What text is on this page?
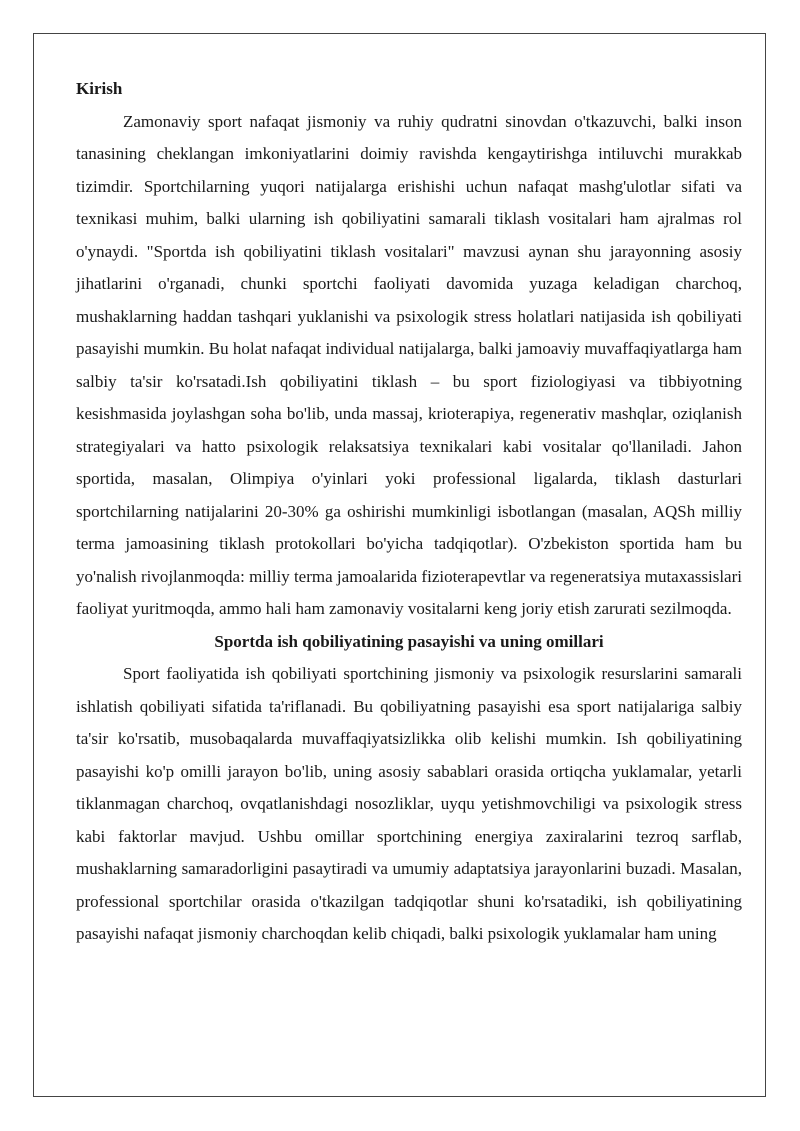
Kirish

Zamonaviy sport nafaqat jismoniy va ruhiy qudratni sinovdan o'tkazuvchi, balki inson tanasining cheklangan imkoniyatlarini doimiy ravishda kengaytirishga intiluvchi murakkab tizimdir. Sportchilarning yuqori natijalarga erishishi uchun nafaqat mashg'ulotlar sifati va texnikasi muhim, balki ularning ish qobiliyatini samarali tiklash vositalari ham ajralmas rol o'ynaydi. "Sportda ish qobiliyatini tiklash vositalari" mavzusi aynan shu jarayonning asosiy jihatlarini o'rganadi, chunki sportchi faoliyati davomida yuzaga keladigan charchoq, mushaklarning haddan tashqari yuklanishi va psixologik stress holatlari natijasida ish qobiliyati pasayishi mumkin. Bu holat nafaqat individual natijalarga, balki jamoaviy muvaffaqiyatlarga ham salbiy ta'sir ko'rsatadi.Ish qobiliyatini tiklash – bu sport fiziologiyasi va tibbiyotning kesishmasida joylashgan soha bo'lib, unda massaj, krioterapiya, regenerativ mashqlar, oziqlanish strategiyalari va hatto psixologik relaksatsiya texnikalari kabi vositalar qo'llaniladi. Jahon sportida, masalan, Olimpiya o'yinlari yoki professional ligalarda, tiklash dasturlari sportchilarning natijalarini 20-30% ga oshirishi mumkinligi isbotlangan (masalan, AQSh milliy terma jamoasining tiklash protokollari bo'yicha tadqiqotlar). O'zbekiston sportida ham bu yo'nalish rivojlanmoqda: milliy terma jamoalarida fizioterapevtlar va regeneratsiya mutaxassislari faoliyat yuritmoqda, ammo hali ham zamonaviy vositalarni keng joriy etish zarurati sezilmoqda.

Sportda ish qobiliyatining pasayishi va uning omillari

Sport faoliyatida ish qobiliyati sportchining jismoniy va psixologik resurslarini samarali ishlatish qobiliyati sifatida ta'riflanadi. Bu qobiliyatning pasayishi esa sport natijalariga salbiy ta'sir ko'rsatib, musobaqalarda muvaffaqiyatsizlikka olib kelishi mumkin. Ish qobiliyatining pasayishi ko'p omilli jarayon bo'lib, uning asosiy sabablari orasida ortiqcha yuklamalar, yetarli tiklanmagan charchoq, ovqatlanishdagi nosozliklar, uyqu yetishmovchiligi va psixologik stress kabi faktorlar mavjud. Ushbu omillar sportchining energiya zaxiralarini tezroq sarflab, mushaklarning samaradorligini pasaytiradi va umumiy adaptatsiya jarayonlarini buzadi. Masalan, professional sportchilar orasida o'tkazilgan tadqiqotlar shuni ko'rsatadiki, ish qobiliyatining pasayishi nafaqat jismoniy charchoqdan kelib chiqadi, balki psixologik yuklamalar ham uning
